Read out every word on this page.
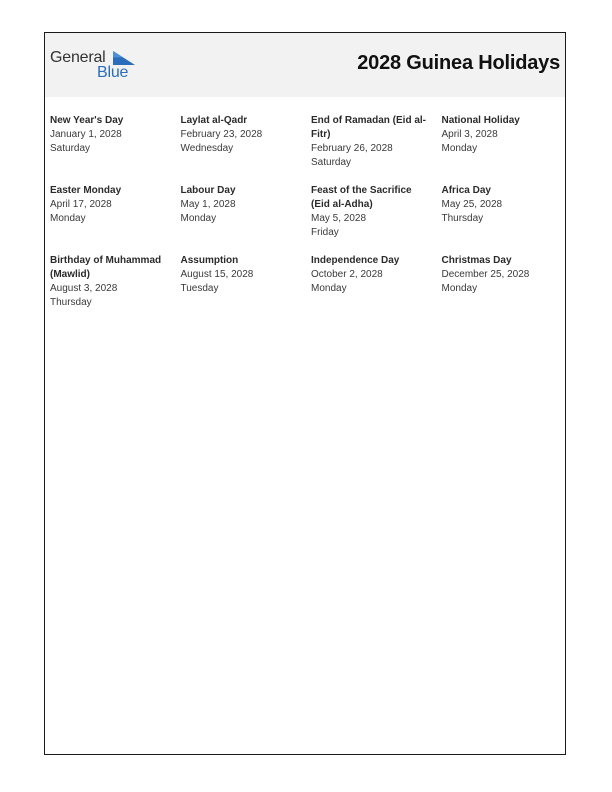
General
Blue	2028 Guinea Holidays
New Year's Day
January 1, 2028
Saturday
Laylat al-Qadr
February 23, 2028
Wednesday
End of Ramadan (Eid al-Fitr)
February 26, 2028
Saturday
National Holiday
April 3, 2028
Monday
Easter Monday
April 17, 2028
Monday
Labour Day
May 1, 2028
Monday
Feast of the Sacrifice (Eid al-Adha)
May 5, 2028
Friday
Africa Day
May 25, 2028
Thursday
Birthday of Muhammad (Mawlid)
August 3, 2028
Thursday
Assumption
August 15, 2028
Tuesday
Independence Day
October 2, 2028
Monday
Christmas Day
December 25, 2028
Monday
